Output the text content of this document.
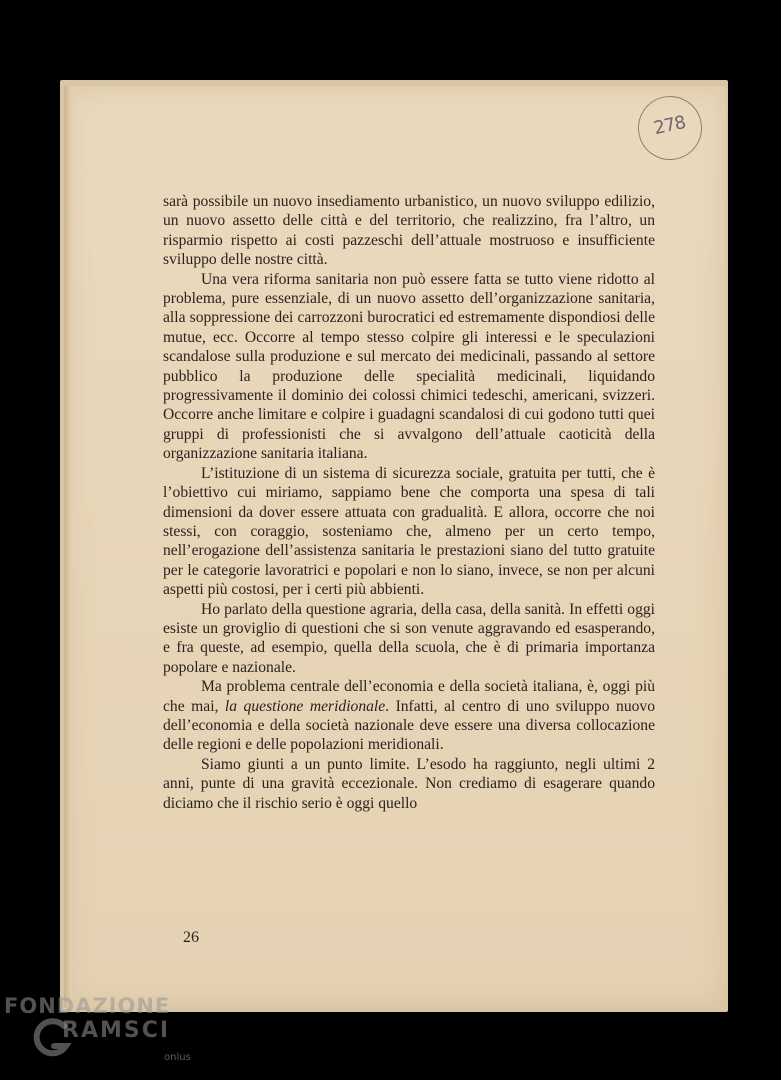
278

sarà possibile un nuovo insediamento urbanistico, un nuovo sviluppo edilizio, un nuovo assetto delle città e del territorio, che realizzino, fra l’altro, un risparmio rispetto ai costi pazzeschi dell’attuale mostruoso e insufficiente sviluppo delle nostre città.

Una vera riforma sanitaria non può essere fatta se tutto viene ridotto al problema, pure essenziale, di un nuovo assetto dell’organizzazione sanitaria, alla soppressione dei carrozzoni burocratici ed estremamente dispondiosi delle mutue, ecc. Occorre al tempo stesso colpire gli interessi e le speculazioni scandalose sulla produzione e sul mercato dei medicinali, passando al settore pubblico la produzione delle specialità medicinali, liquidando progressivamente il dominio dei colossi chimici tedeschi, americani, svizzeri. Occorre anche limitare e colpire i guadagni scandalosi di cui godono tutti quei gruppi di professionisti che si avvalgono dell’attuale caoticità della organizzazione sanitaria italiana.

L’istituzione di un sistema di sicurezza sociale, gratuita per tutti, che è l’obiettivo cui miriamo, sappiamo bene che comporta una spesa di tali dimensioni da dover essere attuata con gradualità. E allora, occorre che noi stessi, con coraggio, sosteniamo che, almeno per un certo tempo, nell’erogazione dell’assistenza sanitaria le prestazioni siano del tutto gratuite per le categorie lavoratrici e popolari e non lo siano, invece, se non per alcuni aspetti più costosi, per i certi più abbienti.

Ho parlato della questione agraria, della casa, della sanità. In effetti oggi esiste un groviglio di questioni che si son venute aggravando ed esasperando, e fra queste, ad esempio, quella della scuola, che è di primaria importanza popolare e nazionale.

Ma problema centrale dell’economia e della società italiana, è, oggi più che mai, la questione meridionale. Infatti, al centro di uno sviluppo nuovo dell’economia e della società nazionale deve essere una diversa collocazione delle regioni e delle popolazioni meridionali.

Siamo giunti a un punto limite. L’esodo ha raggiunto, negli ultimi 2 anni, punte di una gravità eccezionale. Non crediamo di esagerare quando diciamo che il rischio serio è oggi quello

26
FONDAZIONE
RAMSCI
onlus
